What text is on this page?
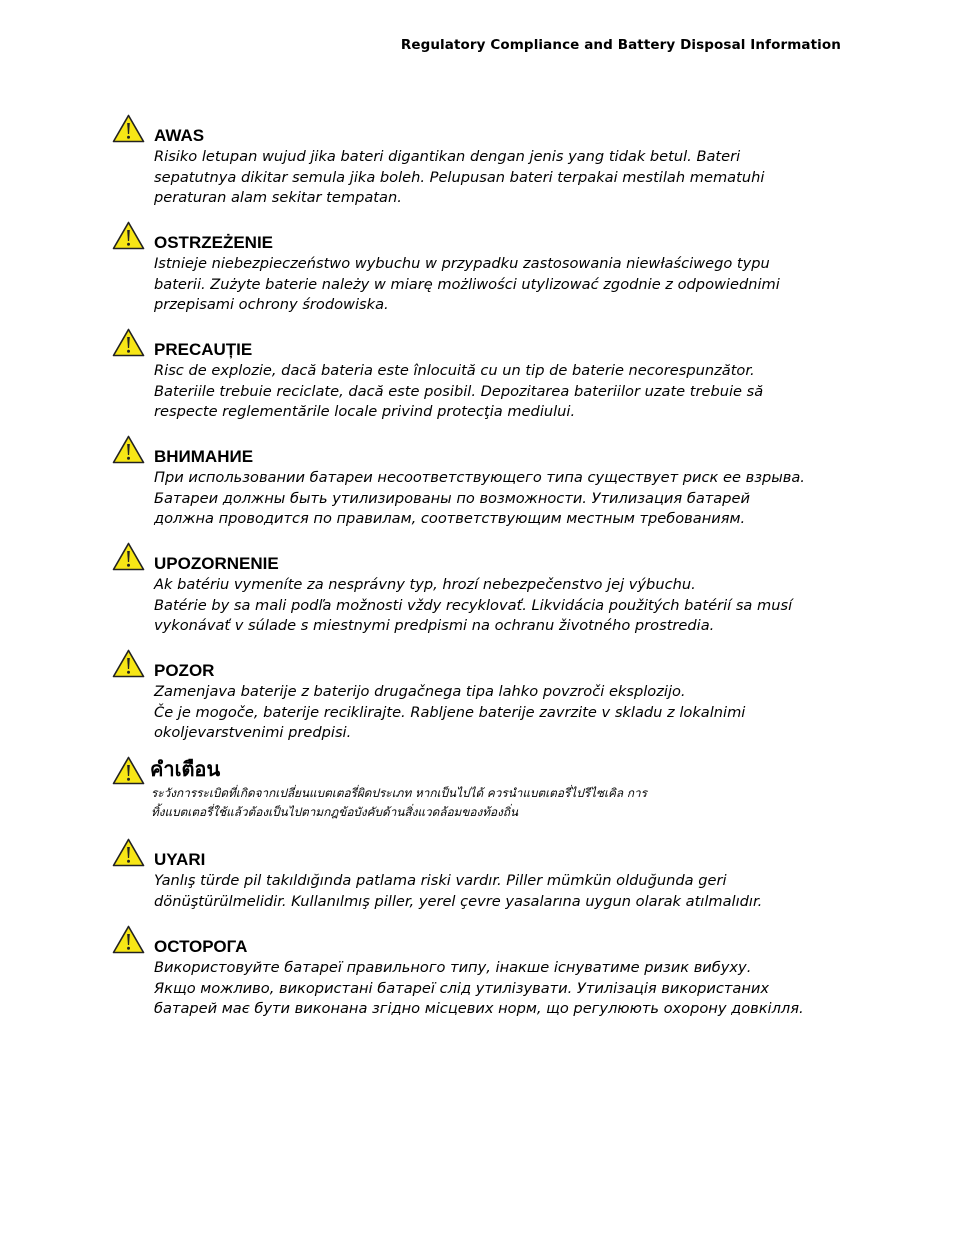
Regulatory Compliance and Battery Disposal Information
AWAS
Risiko letupan wujud jika bateri digantikan dengan jenis yang tidak betul. Bateri
sepatutnya dikitar semula jika boleh. Pelupusan bateri terpakai mestilah mematuhi
peraturan alam sekitar tempatan.
OSTRZEŻENIE
Istnieje niebezpieczeństwo wybuchu w przypadku zastosowania niewłaściwego typu
baterii. Zużyte baterie należy w miarę możliwości utylizować zgodnie z odpowiednimi
przepisami ochrony środowiska.
PRECAUȚIE
Risc de explozie, dacă bateria este înlocuită cu un tip de baterie necorespunzător.
Bateriile trebuie reciclate, dacă este posibil. Depozitarea bateriilor uzate trebuie să
respecte reglementările locale privind protecţia mediului.
ВНИМАНИЕ
При использовании батареи несоответствующего типа существует риск ее взрыва.
Батареи должны быть утилизированы по возможности. Утилизация батарей
должна проводится по правилам, соответствующим местным требованиям.
UPOZORNENIE
Ak batériu vymeníte za nesprávny typ, hrozí nebezpečenstvo jej výbuchu.
Batérie by sa mali podľa možnosti vždy recyklovať. Likvidácia použitých batérií sa musí
vykonávať v súlade s miestnymi predpismi na ochranu životného prostredia.
POZOR
Zamenjava baterije z baterijo drugačnega tipa lahko povzroči eksplozijo.
Če je mogoče, baterije reciklirajte. Rabljene baterije zavrzite v skladu z lokalnimi
okoljevarstvenimi predpisi.
คำเตือน
ระวังการระเบิดที่เกิดจากเปลี่ยนแบตเตอรี่ผิดประเภท หากเป็นไปได้ ควรนำแบตเตอรี่ไปรีไซเคิล การ
ทิ้งแบตเตอรี่ใช้แล้วต้องเป็นไปตามกฎข้อบังคับด้านสิ่งแวดล้อมของท้องถิ่น
UYARI
Yanlış türde pil takıldığında patlama riski vardır. Piller mümkün olduğunda geri
dönüştürülmelidir. Kullanılmış piller, yerel çevre yasalarına uygun olarak atılmalıdır.
ОСТОРОГА
Використовуйте батареї правильного типу, інакше існуватиме ризик вибуху.
Якщо можливо, використані батареї слід утилізувати. Утилізація використаних
батарей має бути виконана згідно місцевих норм, що регулюють охорону довкілля.
